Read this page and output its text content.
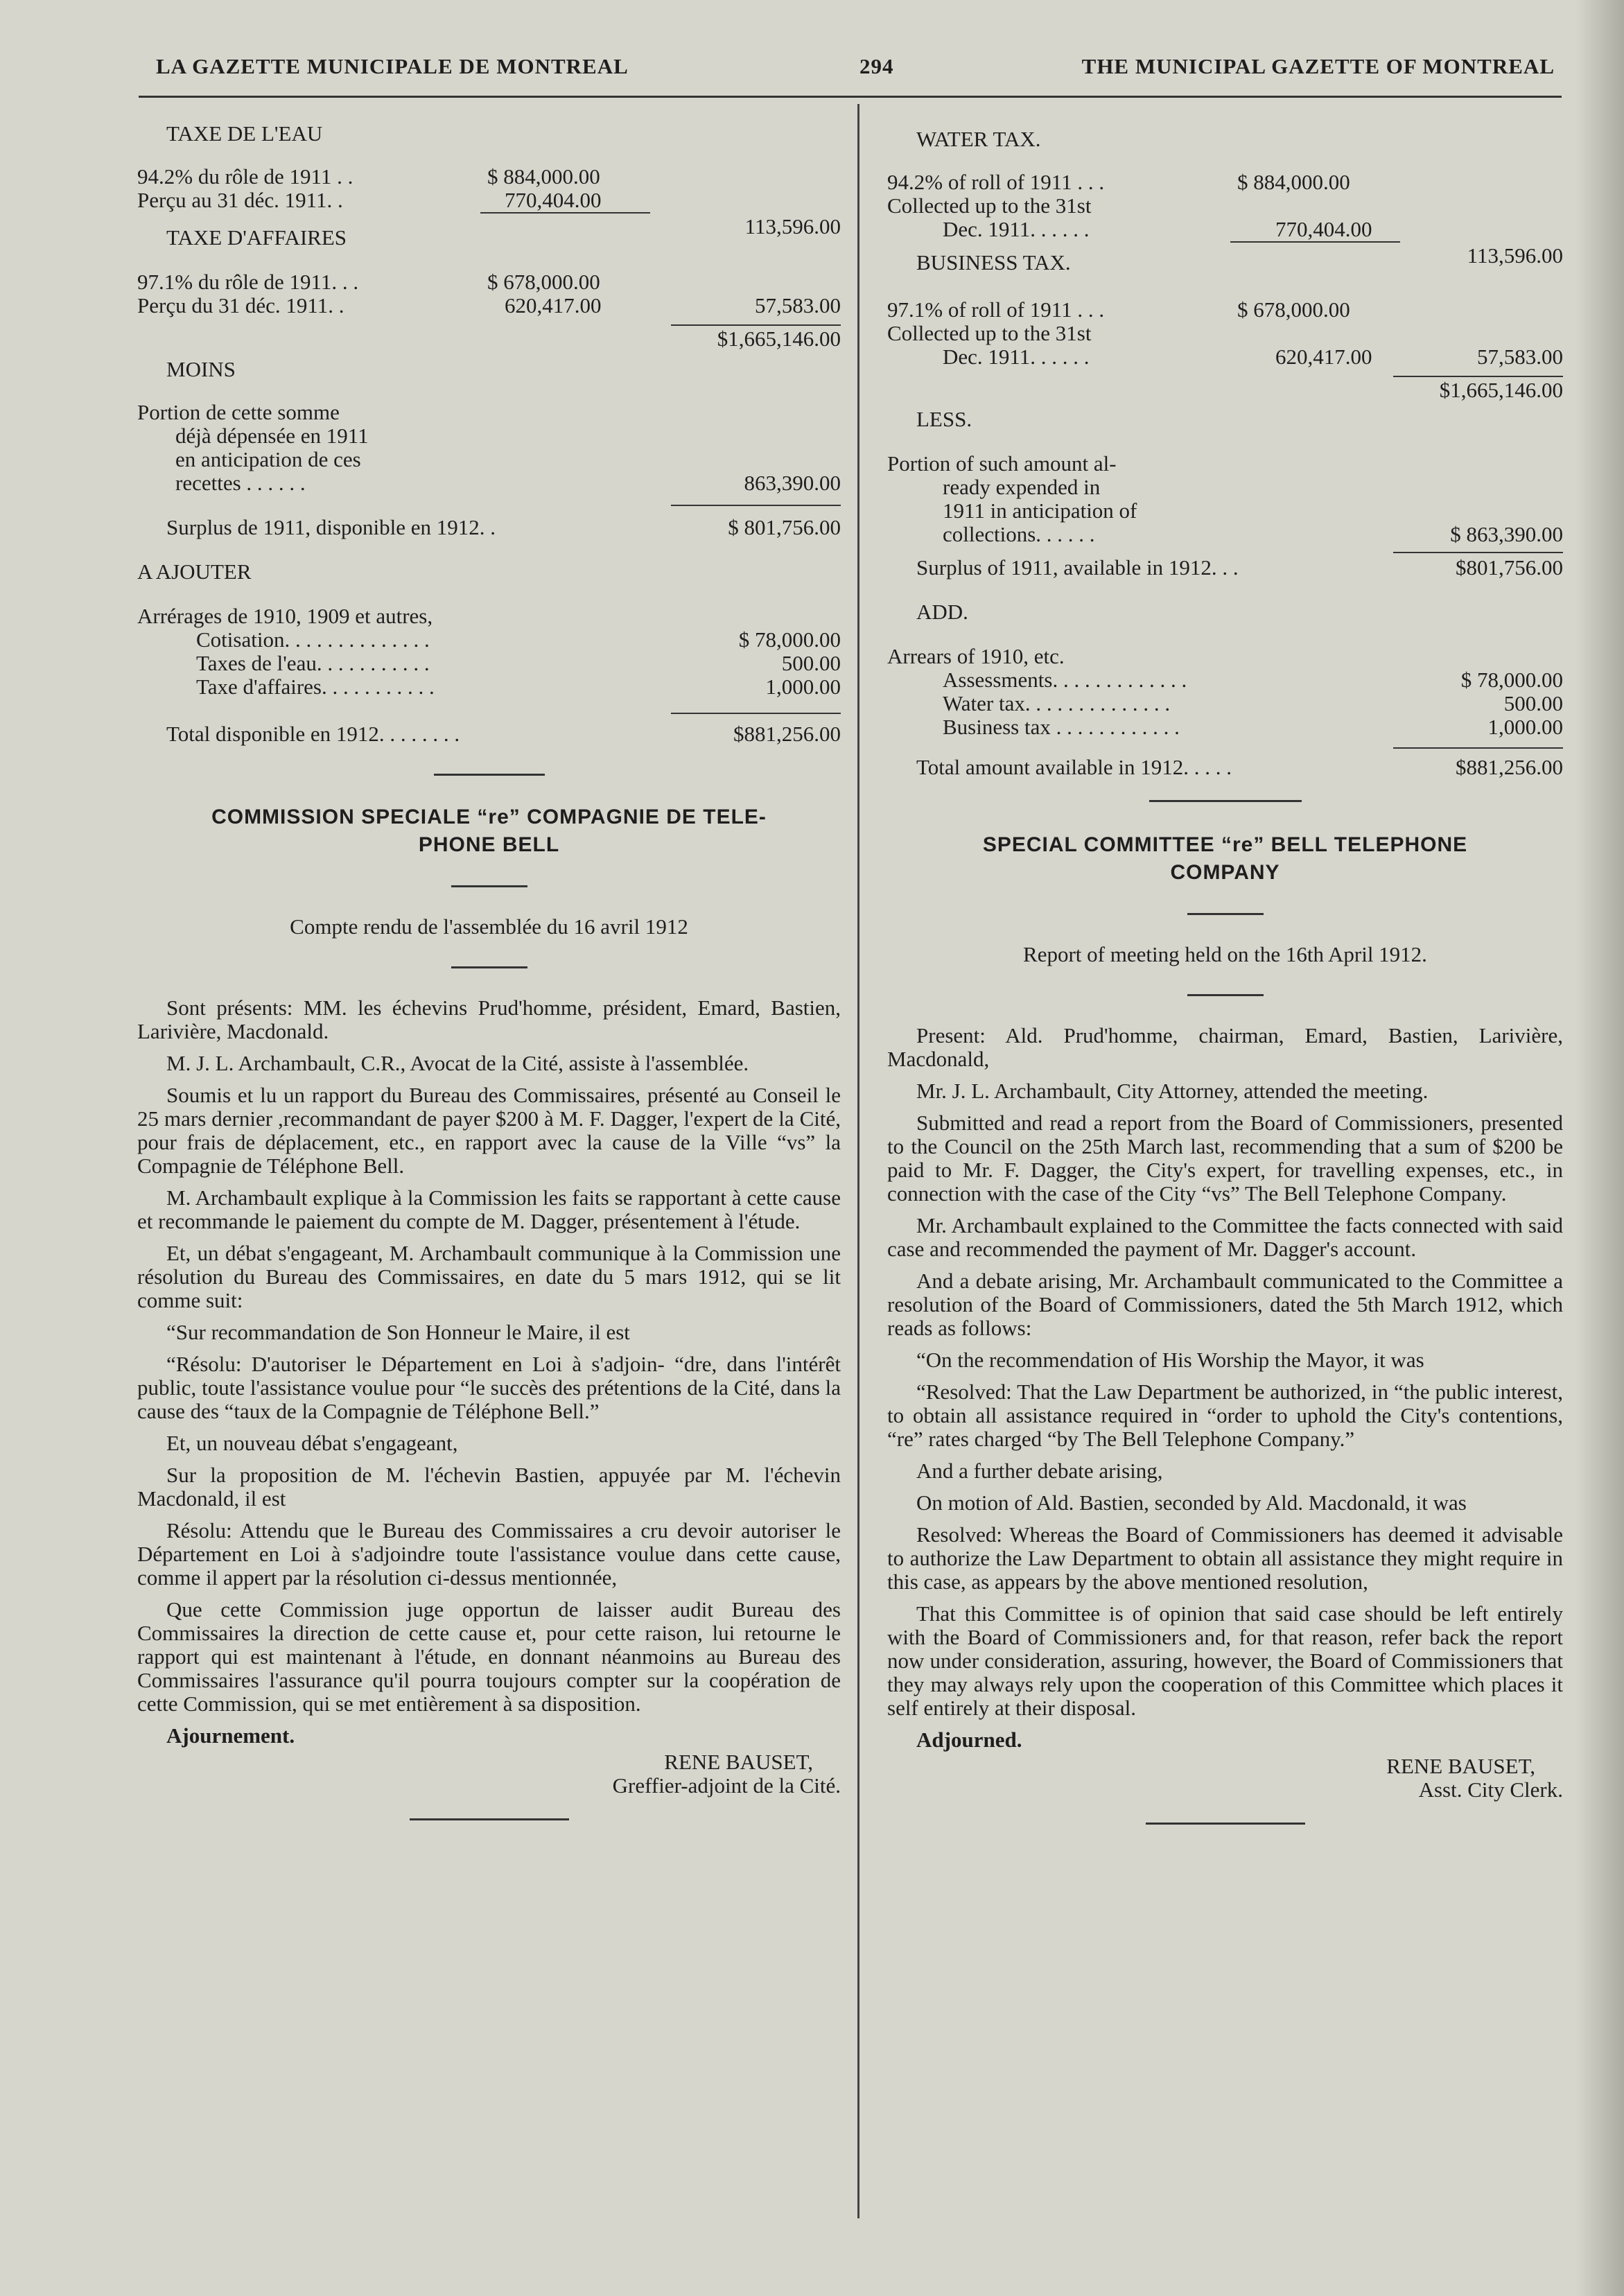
LA GAZETTE MUNICIPALE DE MONTREAL	294	THE MUNICIPAL GAZETTE OF MONTREAL
TAXE DE L'EAU
94.2% du rôle de 1911 . .	$ 884,000.00
Perçu au 31 déc. 1911. .	770,404.00
113,596.00
TAXE D'AFFAIRES
97.1% du rôle de 1911. . .	$ 678,000.00
Perçu du 31 déc. 1911. .	620,417.00	57,583.00
$1,665,146.00
MOINS
Portion de cette somme
déjà dépensée en 1911
en anticipation de ces
recettes . . . . . .	863,390.00
Surplus de 1911, disponible en 1912. .	$ 801,756.00
A AJOUTER
Arrérages de 1910, 1909 et autres,
Cotisation. . . . . . . . . . . . . .	$ 78,000.00
Taxes de l'eau. . . . . . . . . . .	500.00
Taxe d'affaires. . . . . . . . . . .	1,000.00
Total disponible en 1912. . . . . . . .	$881,256.00
COMMISSION SPECIALE “re” COMPAGNIE DE TELE-
PHONE BELL
Compte rendu de l'assemblée du 16 avril 1912

Sont présents: MM. les échevins Prud'homme, président, Emard, Bastien, Larivière, Macdonald.

M. J. L. Archambault, C.R., Avocat de la Cité, assiste à l'assemblée.

Soumis et lu un rapport du Bureau des Commissaires, présenté au Conseil le 25 mars dernier ,recommandant de payer $200 à M. F. Dagger, l'expert de la Cité, pour frais de déplacement, etc., en rapport avec la cause de la Ville “vs” la Compagnie de Téléphone Bell.

M. Archambault explique à la Commission les faits se rapportant à cette cause et recommande le paiement du compte de M. Dagger, présentement à l'étude.

Et, un débat s'engageant, M. Archambault communique à la Commission une résolution du Bureau des Commissaires, en date du 5 mars 1912, qui se lit comme suit:

“Sur recommandation de Son Honneur le Maire, il est

“Résolu: D'autoriser le Département en Loi à s'adjoin- “dre, dans l'intérêt public, toute l'assistance voulue pour “le succès des prétentions de la Cité, dans la cause des “taux de la Compagnie de Téléphone Bell.”

Et, un nouveau débat s'engageant,

Sur la proposition de M. l'échevin Bastien, appuyée par M. l'échevin Macdonald, il est

Résolu: Attendu que le Bureau des Commissaires a cru devoir autoriser le Département en Loi à s'adjoindre toute l'assistance voulue dans cette cause, comme il appert par la résolution ci-dessus mentionnée,

Que cette Commission juge opportun de laisser audit Bureau des Commissaires la direction de cette cause et, pour cette raison, lui retourne le rapport qui est maintenant à l'étude, en donnant néanmoins au Bureau des Commissaires l'assurance qu'il pourra toujours compter sur la coopération de cette Commission, qui se met entièrement à sa disposition.

Ajournement.

RENE BAUSET,
Greffier-adjoint de la Cité.
WATER TAX.
94.2% of roll of 1911 . . .	$ 884,000.00
Collected up to the 31st
Dec. 1911. . . . . .	770,404.00
113,596.00
BUSINESS TAX.
97.1% of roll of 1911 . . .	$ 678,000.00
Collected up to the 31st
Dec. 1911. . . . . .	620,417.00	57,583.00
$1,665,146.00
LESS.
Portion of such amount al-
ready expended in
1911 in anticipation of
collections. . . . . .	$ 863,390.00
Surplus of 1911, available in 1912. . .	$801,756.00
ADD.
Arrears of 1910, etc.
Assessments. . . . . . . . . . . . .	$ 78,000.00
Water tax. . . . . . . . . . . . . .	500.00
Business tax . . . . . . . . . . . .	1,000.00
Total amount available in 1912. . . . .	$881,256.00
SPECIAL COMMITTEE “re” BELL TELEPHONE
COMPANY
Report of meeting held on the 16th April 1912.

Present: Ald. Prud'homme, chairman, Emard, Bastien, Larivière, Macdonald,

Mr. J. L. Archambault, City Attorney, attended the meeting.

Submitted and read a report from the Board of Commissioners, presented to the Council on the 25th March last, recommending that a sum of $200 be paid to Mr. F. Dagger, the City's expert, for travelling expenses, etc., in connection with the case of the City “vs” The Bell Telephone Company.

Mr. Archambault explained to the Committee the facts connected with said case and recommended the payment of Mr. Dagger's account.

And a debate arising, Mr. Archambault communicated to the Committee a resolution of the Board of Commissioners, dated the 5th March 1912, which reads as follows:

“On the recommendation of His Worship the Mayor, it was

“Resolved: That the Law Department be authorized, in “the public interest, to obtain all assistance required in “order to uphold the City's contentions, “re” rates charged “by The Bell Telephone Company.”

And a further debate arising,

On motion of Ald. Bastien, seconded by Ald. Macdonald, it was

Resolved: Whereas the Board of Commissioners has deemed it advisable to authorize the Law Department to obtain all assistance they might require in this case, as appears by the above mentioned resolution,

That this Committee is of opinion that said case should be left entirely with the Board of Commissioners and, for that reason, refer back the report now under consideration, assuring, however, the Board of Commissioners that they may always rely upon the cooperation of this Committee which places it self entirely at their disposal.

Adjourned.

RENE BAUSET,
Asst. City Clerk.
